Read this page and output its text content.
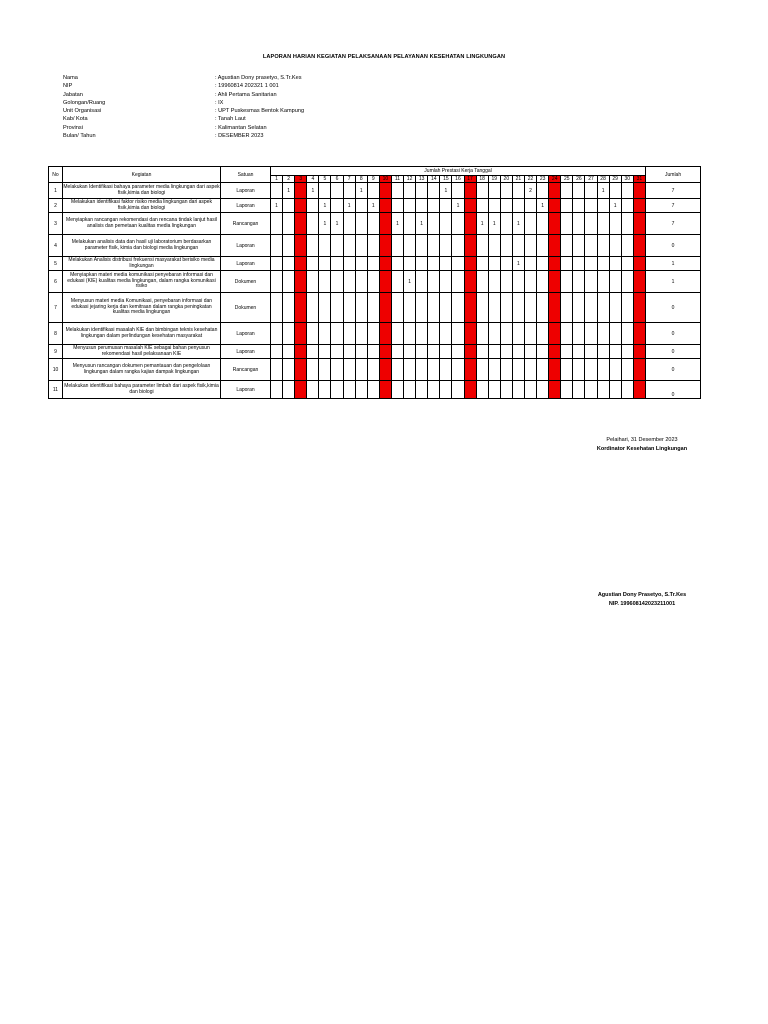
LAPORAN HARIAN KEGIATAN PELAKSANAAN PELAYANAN KESEHATAN LINGKUNGAN
Nama	: Agustian Dony prasetyo, S.Tr.Kes
NIP	: 19960814 202321 1 001
Jabatan	: Ahli Pertama Sanitarian
Golongan/Ruang	: IX
Unit Organisasi	: UPT Puskesmas Bentok Kampung
Kab/ Kota	: Tanah Laut
Provinsi	: Kalimantan Selatan
Bulan/ Tahun	: DESEMBER 2023
No	Kegiatan	Satuan	Jumlah Prestasi Kerja Tanggal																															Jumlah
			1	2	3	4	5	6	7	8	9	10	11	12	13	14	15	16	17	18	19	20	21	22	23	24	25	26	27	28	29	30	31	
1	Melakukan Identifikasi bahaya parameter media lingkungan dari aspek fisik,kimia dan biologi	Laporan		1		1				1							1							2						1				7
2	Melakukan identifikasi faktor risiko media lingkungan dari aspek fisik,kimia dan biologi	Laporan	1				1		1		1							1							1						1			7
3	Menyiapkan rancangan rekomendasi dan rencana tindak lanjut hasil analisis dan pemetaan kualitas media lingkungan	Rancangan					1	1					1		1					1	1		1											7
4	Melakukan analisis data dan hasil uji laboratorium berdasarkan parameter fisik, kimia dan biologi media lingkungan	Laporan																																0
5	Melakukan Analisis distribusi frekuensi masyarakat berisiko media lingkungan	Laporan																					1											1
6	Menyiapkan materi media komunikasi penyebaran informasi dan edukasi (KIE) kualitas media lingkungan, dalam rangka komunikasi risiko	Dokumen												1																				1
7	Menyusun materi media Komunikasi, penyebaran informasi dan edukasi jejaring kerja dan kemitraan dalam rangka peningkatan kualitas media lingkungan	Dokumen																																0
8	Melakukan identifikasi masalah KIE dan bimbingan teknis kesehatan lingkungan dalam perlindungan kesehatan masyarakat	Laporan																																0
9	Menyusun perumusan masalah KIE sebagai bahan penyusun rekomendasi hasil pelaksanaan KIE	Laporan																																0
10	Menyusun rancangan dokumen pemantauan dan pengelolaan lingkungan dalam rangka kajian dampak lingkungan	Rancangan																																0
11	Melakukan identifikasi bahaya parameter limbah dari aspek fisik,kimia dan biologi	Laporan																																0
Pelaihari, 31 Desember 2023
Kordinator Kesehatan Lingkungan
Agustian Dony Prasetyo, S.Tr.Kes
NIP. 199608142023211001
